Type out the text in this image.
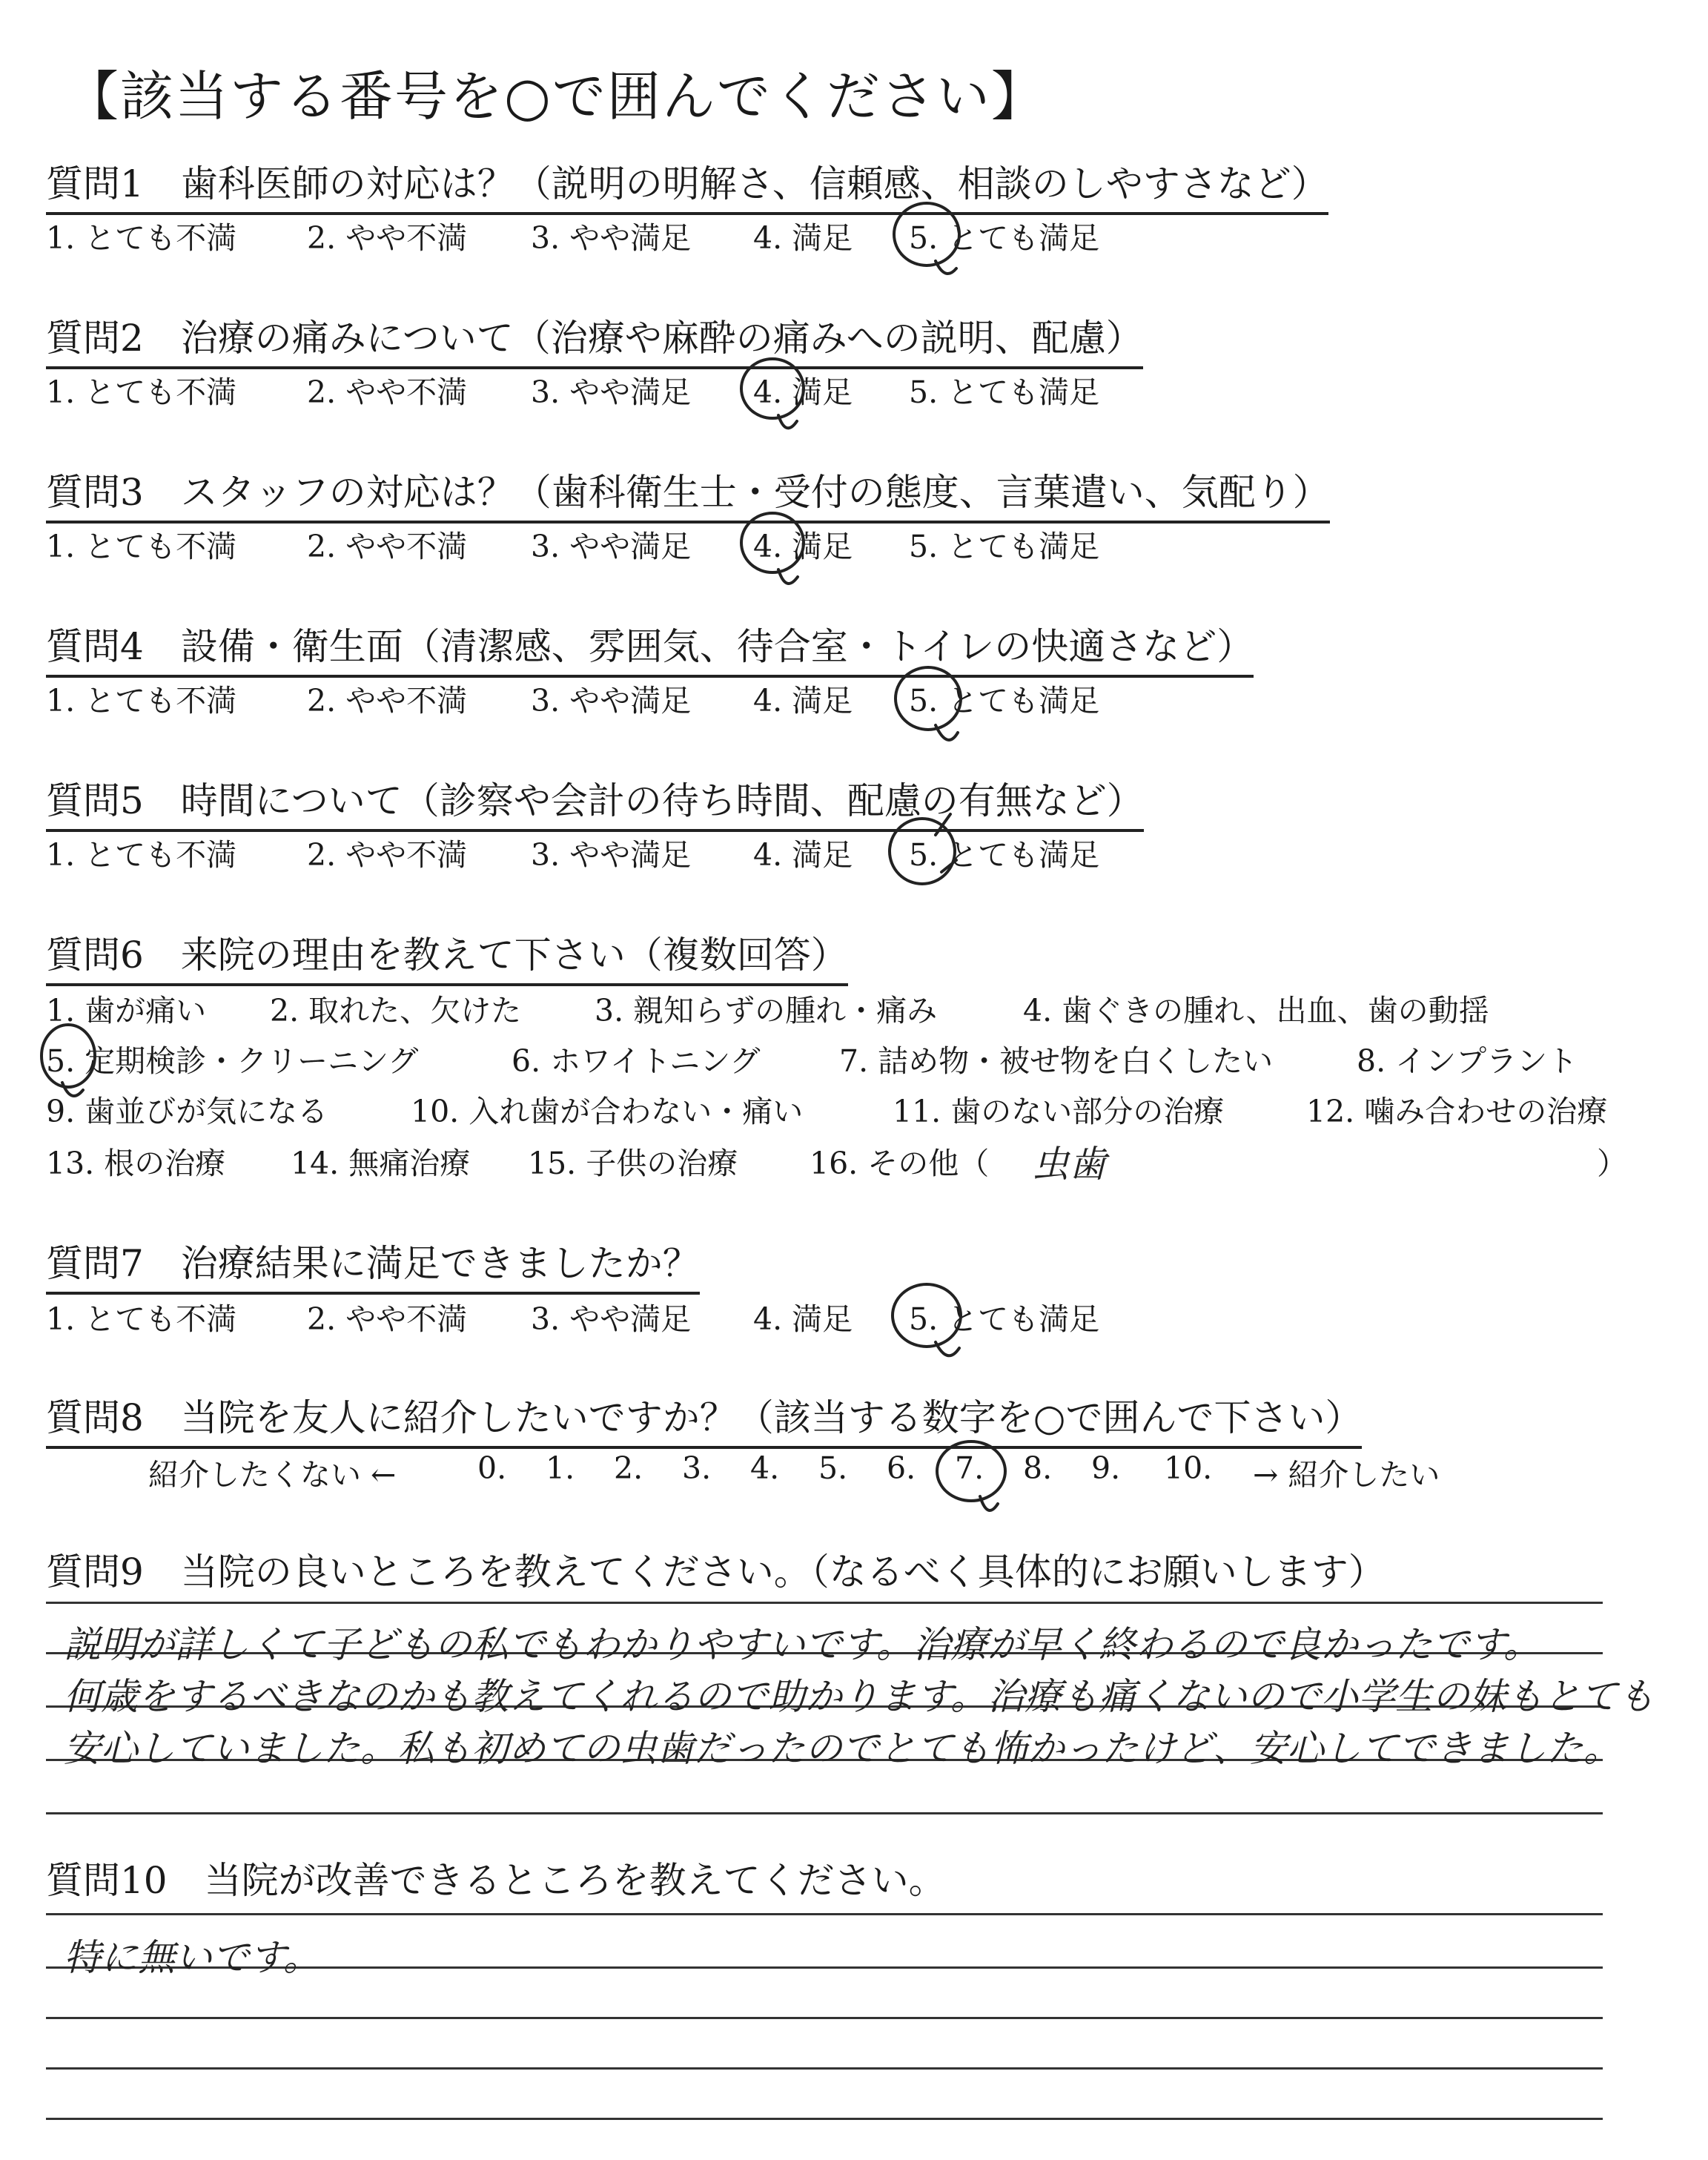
【該当する番号を○で囲んでください】
質問1　歯科医師の対応は？（説明の明解さ、信頼感、相談のしやすさなど）
1. とても不満 2. やや不満 3. やや満足 4. 満足 5. とても満足
質問2　治療の痛みについて（治療や麻酔の痛みへの説明、配慮）
1. とても不満 2. やや不満 3. やや満足 4. 満足 5. とても満足
質問3　スタッフの対応は？（歯科衛生士・受付の態度、言葉遣い、気配り）
1. とても不満 2. やや不満 3. やや満足 4. 満足 5. とても満足
質問4　設備・衛生面（清潔感、雰囲気、待合室・トイレの快適さなど）
1. とても不満 2. やや不満 3. やや満足 4. 満足 5. とても満足
質問5　時間について（診察や会計の待ち時間、配慮の有無など）
1. とても不満 2. やや不満 3. やや満足 4. 満足 5. とても満足
質問6　来院の理由を教えて下さい（複数回答）
1. 歯が痛い 2. 取れた、欠けた 3. 親知らずの腫れ・痛み	4. 歯ぐきの腫れ、出血、歯の動揺
5. 定期検診・クリーニング	6. ホワイトニング	7. 詰め物・被せ物を白くしたい	8. インプラント
9. 歯並びが気になる	10. 入れ歯が合わない・痛い	11. 歯のない部分の治療	12. 噛み合わせの治療
13. 根の治療 14. 無痛治療 15. 子供の治療 16. その他（ 虫歯	）
質問7　治療結果に満足できましたか？
1. とても不満 2. やや不満 3. やや満足 4. 満足 5. とても満足
質問8　当院を友人に紹介したいですか？（該当する数字を○で囲んで下さい）
紹介したくない ←	0. 1. 2. 3. 4. 5. 6. 7. 8. 9. 10. → 紹介したい
質問9　当院の良いところを教えてください。（なるべく具体的にお願いします）
説明が詳しくて子どもの私でもわかりやすいです。治療が早く終わるので良かったです。
何歳をするべきなのかも教えてくれるので助かります。治療も痛くないので小学生の妹もとても
安心していました。私も初めての虫歯だったのでとても怖かったけど、安心してできました。
質問10　当院が改善できるところを教えてください。
特に無いです。
